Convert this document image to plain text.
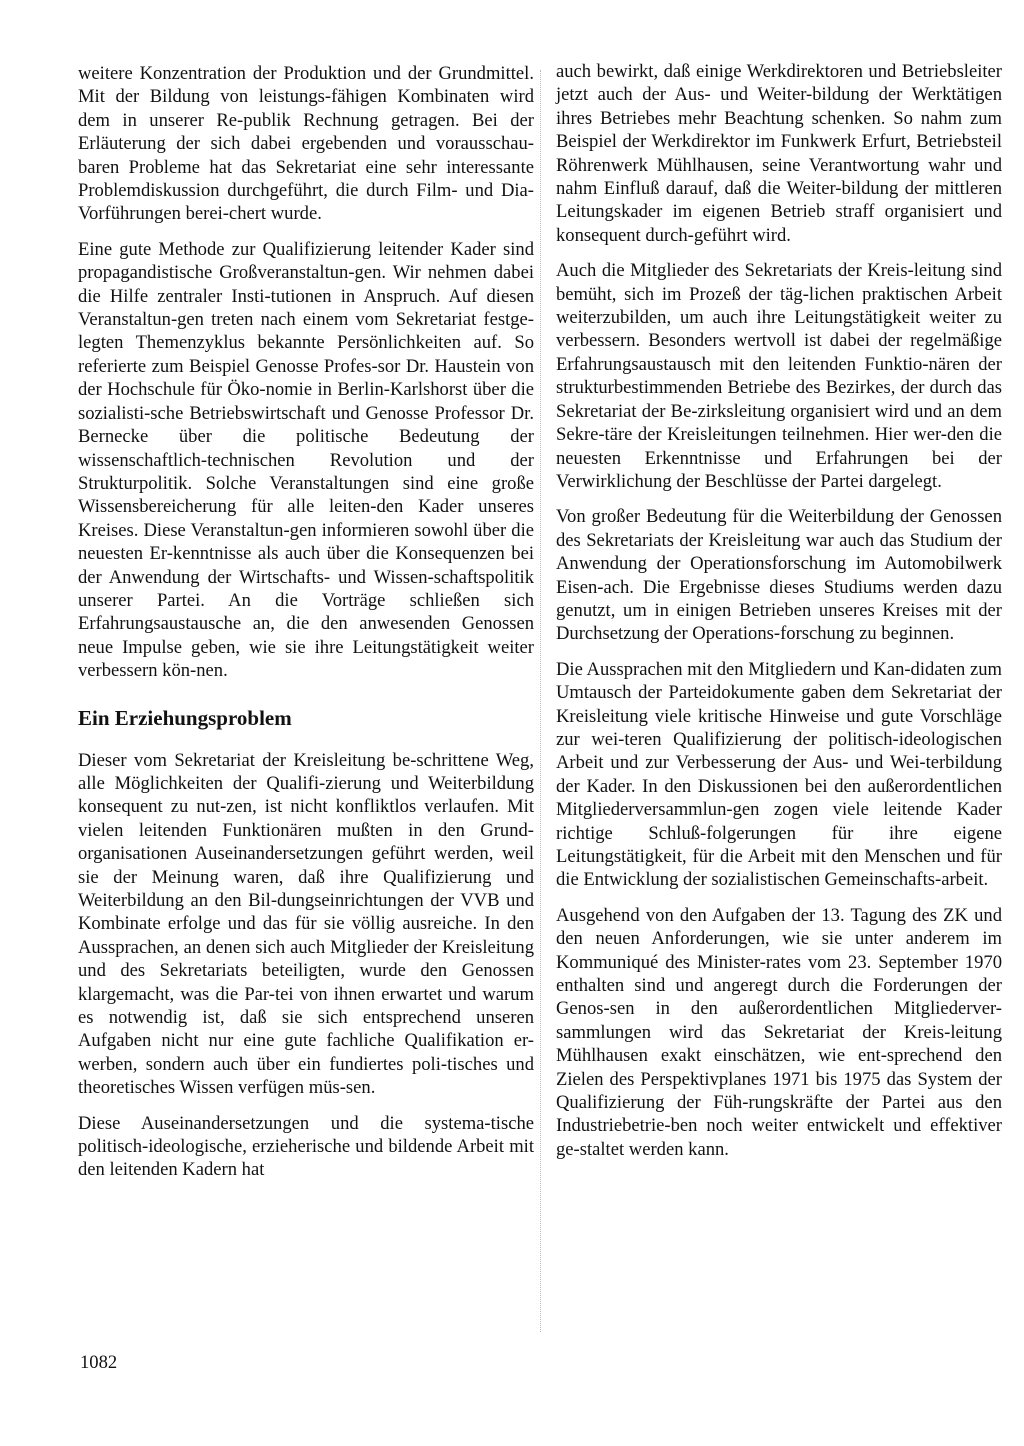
weitere Konzentration der Produktion und der Grundmittel. Mit der Bildung von leistungs-fähigen Kombinaten wird dem in unserer Re-publik Rechnung getragen. Bei der Erläuterung der sich dabei ergebenden und vorausschau-baren Probleme hat das Sekretariat eine sehr interessante Problemdiskussion durchgeführt, die durch Film- und Dia-Vorführungen berei-chert wurde.

Eine gute Methode zur Qualifizierung leitender Kader sind propagandistische Großveranstaltun-gen. Wir nehmen dabei die Hilfe zentraler Insti-tutionen in Anspruch. Auf diesen Veranstaltun-gen treten nach einem vom Sekretariat festge-legten Themenzyklus bekannte Persönlichkeiten auf. So referierte zum Beispiel Genosse Profes-sor Dr. Haustein von der Hochschule für Öko-nomie in Berlin-Karlshorst über die sozialisti-sche Betriebswirtschaft und Genosse Professor Dr. Bernecke über die politische Bedeutung der wissenschaftlich-technischen Revolution und der Strukturpolitik. Solche Veranstaltungen sind eine große Wissensbereicherung für alle leiten-den Kader unseres Kreises. Diese Veranstaltun-gen informieren sowohl über die neuesten Er-kenntnisse als auch über die Konsequenzen bei der Anwendung der Wirtschafts- und Wissen-schaftspolitik unserer Partei. An die Vorträge schließen sich Erfahrungsaustausche an, die den anwesenden Genossen neue Impulse geben, wie sie ihre Leitungstätigkeit weiter verbessern kön-nen.

Ein Erziehungsproblem

Dieser vom Sekretariat der Kreisleitung be-schrittene Weg, alle Möglichkeiten der Qualifi-zierung und Weiterbildung konsequent zu nut-zen, ist nicht konfliktlos verlaufen. Mit vielen leitenden Funktionären mußten in den Grund-organisationen Auseinandersetzungen geführt werden, weil sie der Meinung waren, daß ihre Qualifizierung und Weiterbildung an den Bil-dungseinrichtungen der VVB und Kombinate erfolge und das für sie völlig ausreiche. In den Aussprachen, an denen sich auch Mitglieder der Kreisleitung und des Sekretariats beteiligten, wurde den Genossen klargemacht, was die Par-tei von ihnen erwartet und warum es notwendig ist, daß sie sich entsprechend unseren Aufgaben nicht nur eine gute fachliche Qualifikation er-werben, sondern auch über ein fundiertes poli-tisches und theoretisches Wissen verfügen müs-sen.

Diese Auseinandersetzungen und die systema-tische politisch-ideologische, erzieherische und bildende Arbeit mit den leitenden Kadern hat

auch bewirkt, daß einige Werkdirektoren und Betriebsleiter jetzt auch der Aus- und Weiter-bildung der Werktätigen ihres Betriebes mehr Beachtung schenken. So nahm zum Beispiel der Werkdirektor im Funkwerk Erfurt, Betriebsteil Röhrenwerk Mühlhausen, seine Verantwortung wahr und nahm Einfluß darauf, daß die Weiter-bildung der mittleren Leitungskader im eigenen Betrieb straff organisiert und konsequent durch-geführt wird.

Auch die Mitglieder des Sekretariats der Kreis-leitung sind bemüht, sich im Prozeß der täg-lichen praktischen Arbeit weiterzubilden, um auch ihre Leitungstätigkeit weiter zu verbessern. Besonders wertvoll ist dabei der regelmäßige Erfahrungsaustausch mit den leitenden Funktio-nären der strukturbestimmenden Betriebe des Bezirkes, der durch das Sekretariat der Be-zirksleitung organisiert wird und an dem Sekre-täre der Kreisleitungen teilnehmen. Hier wer-den die neuesten Erkenntnisse und Erfahrungen bei der Verwirklichung der Beschlüsse der Partei dargelegt.

Von großer Bedeutung für die Weiterbildung der Genossen des Sekretariats der Kreisleitung war auch das Studium der Anwendung der Operationsforschung im Automobilwerk Eisen-ach. Die Ergebnisse dieses Studiums werden dazu genutzt, um in einigen Betrieben unseres Kreises mit der Durchsetzung der Operations-forschung zu beginnen.

Die Aussprachen mit den Mitgliedern und Kan-didaten zum Umtausch der Parteidokumente gaben dem Sekretariat der Kreisleitung viele kritische Hinweise und gute Vorschläge zur wei-teren Qualifizierung der politisch-ideologischen Arbeit und zur Verbesserung der Aus- und Wei-terbildung der Kader. In den Diskussionen bei den außerordentlichen Mitgliederversammlun-gen zogen viele leitende Kader richtige Schluß-folgerungen für ihre eigene Leitungstätigkeit, für die Arbeit mit den Menschen und für die Entwicklung der sozialistischen Gemeinschafts-arbeit.

Ausgehend von den Aufgaben der 13. Tagung des ZK und den neuen Anforderungen, wie sie unter anderem im Kommuniqué des Minister-rates vom 23. September 1970 enthalten sind und angeregt durch die Forderungen der Genos-sen in den außerordentlichen Mitgliederver-sammlungen wird das Sekretariat der Kreis-leitung Mühlhausen exakt einschätzen, wie ent-sprechend den Zielen des Perspektivplanes 1971 bis 1975 das System der Qualifizierung der Füh-rungskräfte der Partei aus den Industriebetrie-ben noch weiter entwickelt und effektiver ge-staltet werden kann.

1082
